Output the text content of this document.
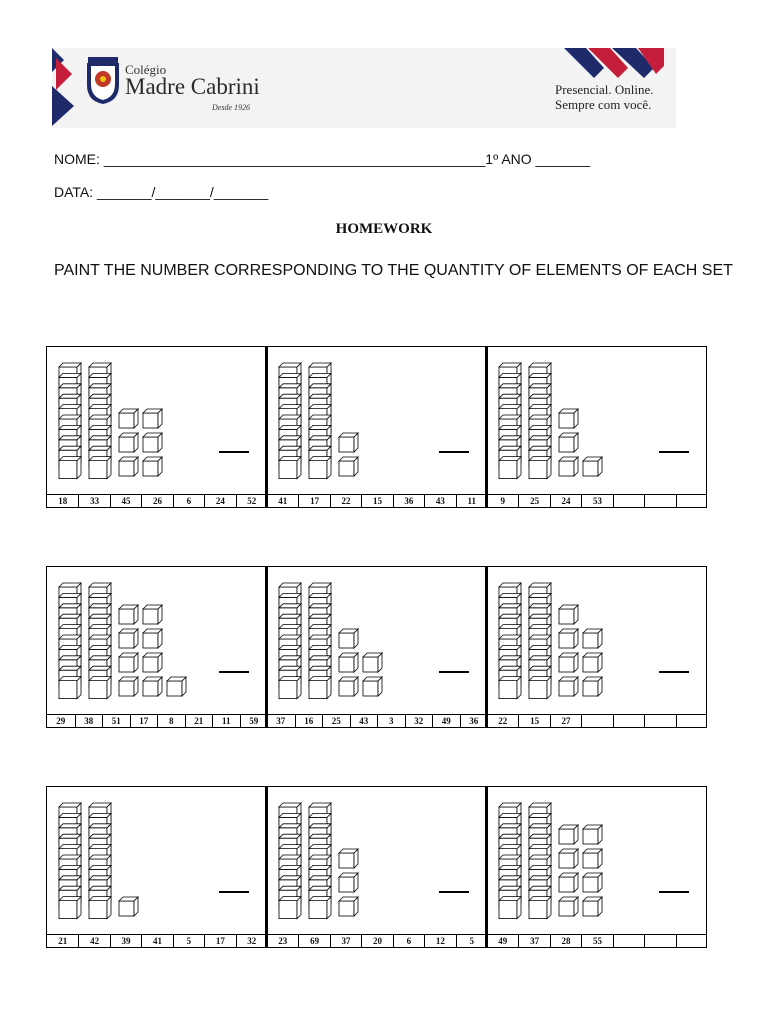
Colégio
Madre Cabrini
Desde 1926
Presencial. Online.
Sempre com você.
NOME: _________________________________________________1º ANO _______
DATA: _______/_______/_______
HOMEWORK
PAINT THE NUMBER CORRESPONDING TO THE QUANTITY OF ELEMENTS OF EACH SET
18	33	45	26	6	24	52	41	17	22	15	36	43	11	9	25	24	53
29	38	51	17	8	21	11	59	37	16	25	43	3	32	49	36	22	15	27
21	42	39	41	5	17	32	23	69	37	20	6	12	5	49	37	28	55
